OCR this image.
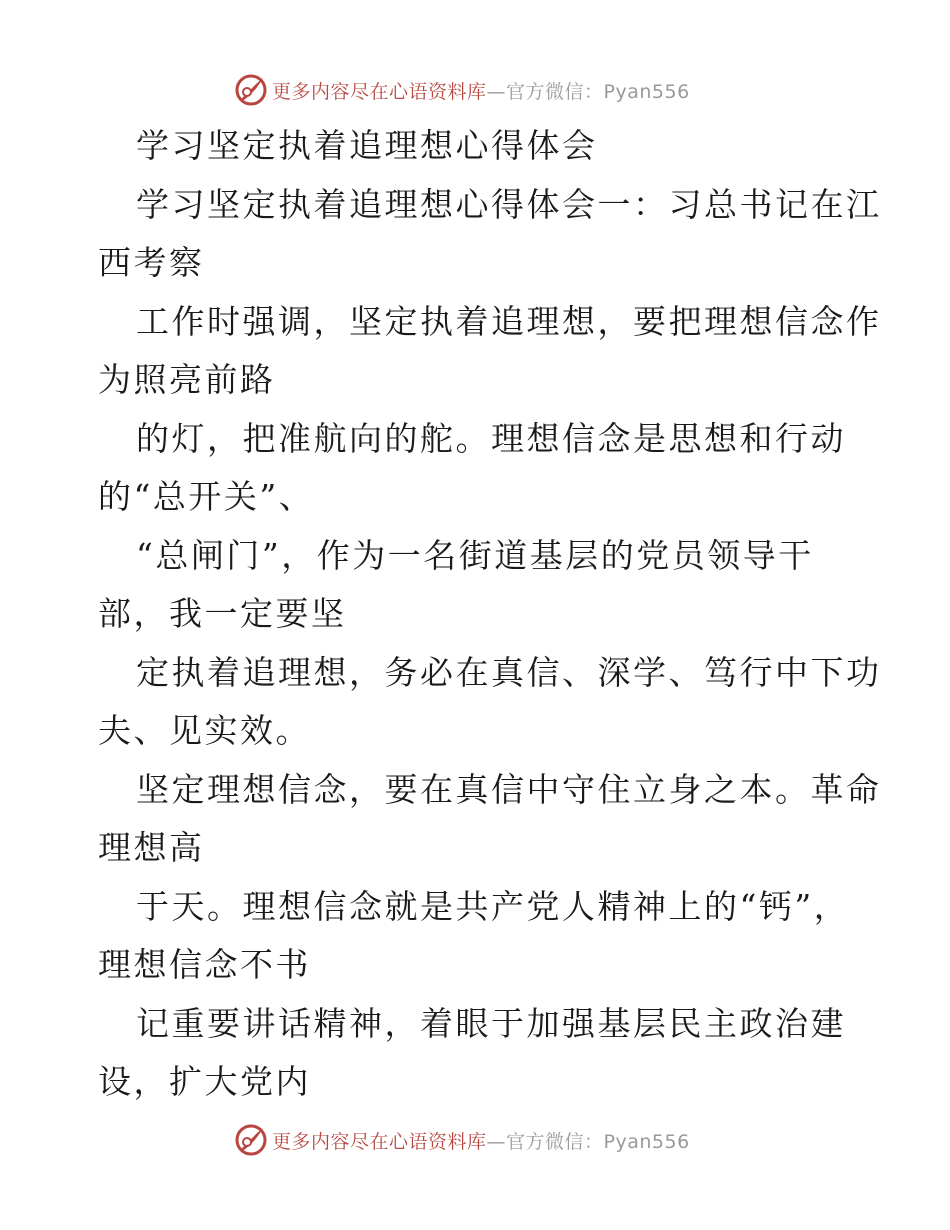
更多内容尽在心语资料库—官方微信：Pyan556
学习坚定执着追理想心得体会
学习坚定执着追理想心得体会一：习总书记在江
西考察
工作时强调，坚定执着追理想，要把理想信念作
为照亮前路
的灯，把准航向的舵。理想信念是思想和行动
的“总开关”、
“总闸门”，作为一名街道基层的党员领导干
部，我一定要坚
定执着追理想，务必在真信、深学、笃行中下功
夫、见实效。
坚定理想信念，要在真信中守住立身之本。革命
理想高
于天。理想信念就是共产党人精神上的“钙”，
理想信念不书
记重要讲话精神，着眼于加强基层民主政治建
设，扩大党内
更多内容尽在心语资料库—官方微信：Pyan556
